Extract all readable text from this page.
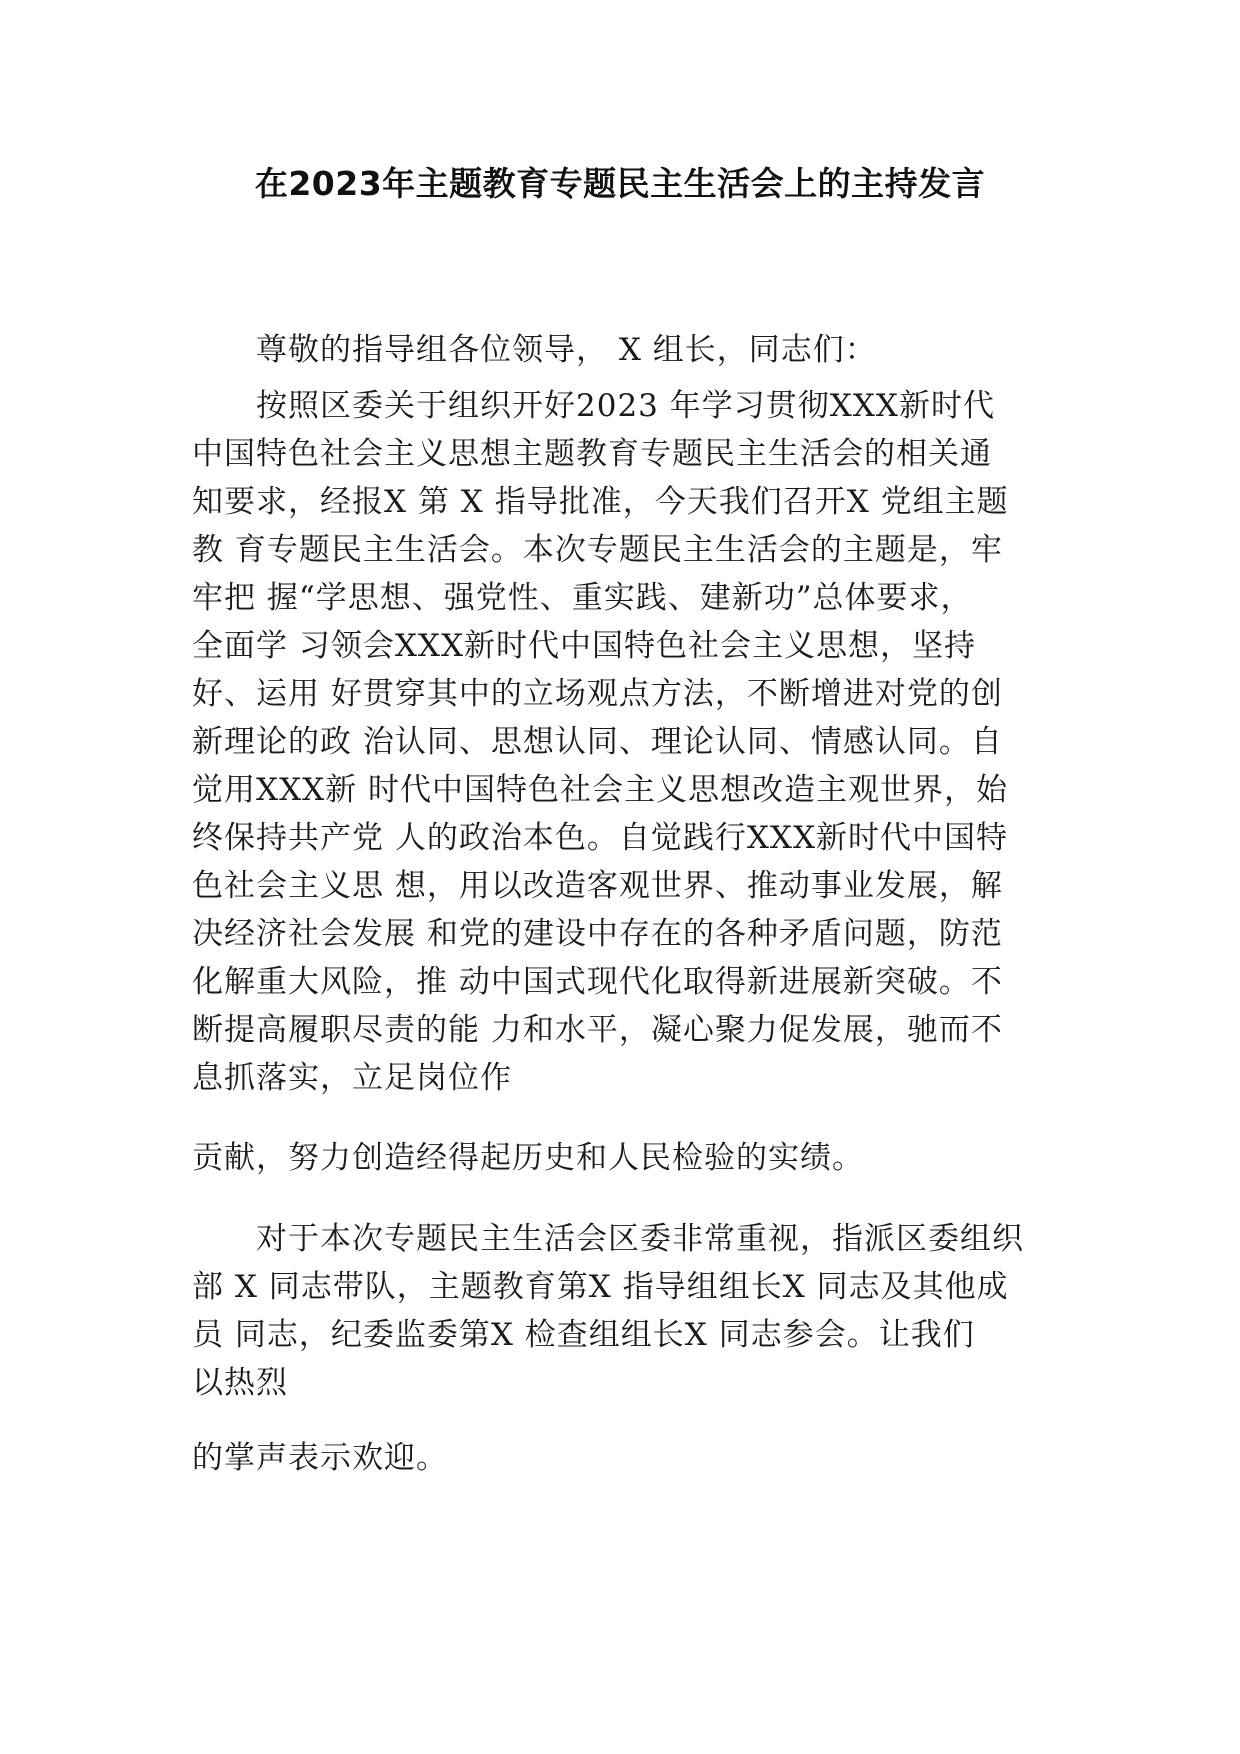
在2023年主题教育专题民主生活会上的主持发言

尊敬的指导组各位领导， X 组长，同志们：

按照区委关于组织开好2023 年学习贯彻XXX新时代

中国特色社会主义思想主题教育专题民主生活会的相关通

知要求，经报X 第 X 指导批准，今天我们召开X 党组主题

教 育专题民主生活会。本次专题民主生活会的主题是，牢

牢把 握“学思想、强党性、重实践、建新功”总体要求，

全面学 习领会XXX新时代中国特色社会主义思想，坚持

好、运用 好贯穿其中的立场观点方法，不断增进对党的创

新理论的政 治认同、思想认同、理论认同、情感认同。自

觉用XXX新 时代中国特色社会主义思想改造主观世界，始

终保持共产党 人的政治本色。自觉践行XXX新时代中国特

色社会主义思 想，用以改造客观世界、推动事业发展，解

决经济社会发展 和党的建设中存在的各种矛盾问题，防范

化解重大风险，推 动中国式现代化取得新进展新突破。不

断提高履职尽责的能 力和水平，凝心聚力促发展，驰而不

息抓落实，立足岗位作

贡献，努力创造经得起历史和人民检验的实绩。

对于本次专题民主生活会区委非常重视，指派区委组织

部 X 同志带队，主题教育第X 指导组组长X 同志及其他成

员 同志，纪委监委第X 检查组组长X 同志参会。让我们

以热烈

的掌声表示欢迎。
